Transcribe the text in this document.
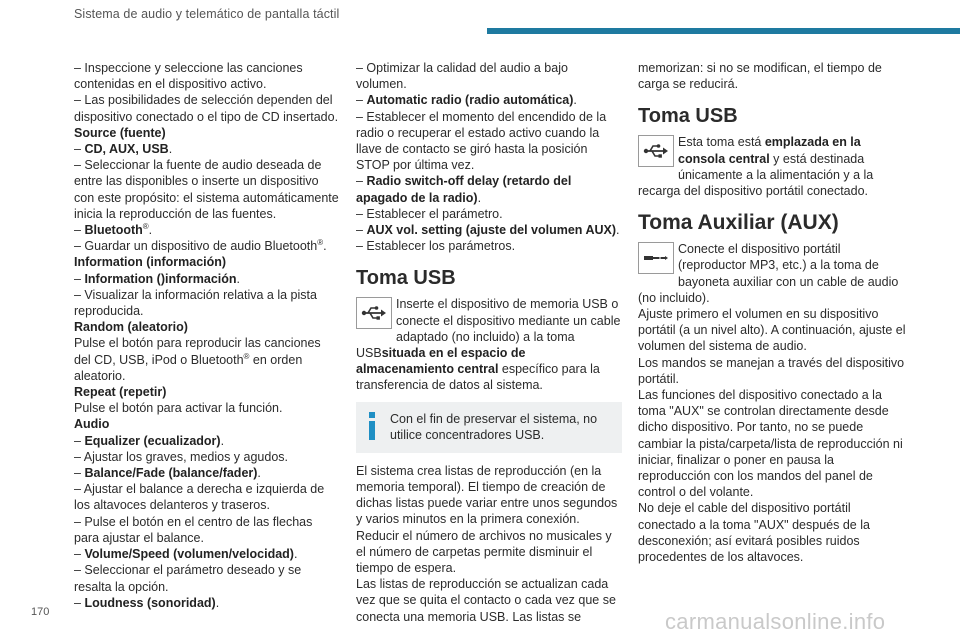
Sistema de audio y telemático de pantalla táctil

– Inspeccione y seleccione las canciones contenidas en el dispositivo activo.

– Las posibilidades de selección dependen del dispositivo conectado o el tipo de CD insertado.

Source (fuente)

– CD, AUX, USB.

– Seleccionar la fuente de audio deseada de entre las disponibles o inserte un dispositivo con este propósito: el sistema automáticamente inicia la reproducción de las fuentes.

– Bluetooth®.

– Guardar un dispositivo de audio Bluetooth®.

Information (información)

– Information ()información.

– Visualizar la información relativa a la pista reproducida.

Random (aleatorio)

Pulse el botón para reproducir las canciones del CD, USB, iPod o Bluetooth® en orden aleatorio.

Repeat (repetir)

Pulse el botón para activar la función.

Audio

– Equalizer (ecualizador).

– Ajustar los graves, medios y agudos.

– Balance/Fade (balance/fader).

– Ajustar el balance a derecha e izquierda de los altavoces delanteros y traseros.

– Pulse el botón en el centro de las flechas para ajustar el balance.

– Volume/Speed (volumen/velocidad).

– Seleccionar el parámetro deseado y se resalta la opción.

– Loudness (sonoridad).

– Optimizar la calidad del audio a bajo volumen.

– Automatic radio (radio automática).

– Establecer el momento del encendido de la radio o recuperar el estado activo cuando la llave de contacto se giró hasta la posición STOP por última vez.

– Radio switch-off delay (retardo del apagado de la radio).

– Establecer el parámetro.

– AUX vol. setting (ajuste del volumen AUX).

– Establecer los parámetros.

Toma USB
Inserte el dispositivo de memoria USB o conecte el dispositivo mediante un cable adaptado (no incluido) a la toma USBsituada en el espacio de almacenamiento central específico para la transferencia de datos al sistema.
Con el fin de preservar el sistema, no utilice concentradores USB.

El sistema crea listas de reproducción (en la memoria temporal). El tiempo de creación de dichas listas puede variar entre unos segundos y varios minutos en la primera conexión.

Reducir el número de archivos no musicales y el número de carpetas permite disminuir el tiempo de espera.

Las listas de reproducción se actualizan cada vez que se quita el contacto o cada vez que se conecta una memoria USB. Las listas se

memorizan: si no se modifican, el tiempo de carga se reducirá.

Toma USB
Esta toma está emplazada en la consola central y está destinada únicamente a la alimentación y a la recarga del dispositivo portátil conectado.
Toma Auxiliar (AUX)
Conecte el dispositivo portátil (reproductor MP3, etc.) a la toma de bayoneta auxiliar con un cable de audio (no incluido).

Ajuste primero el volumen en su dispositivo portátil (a un nivel alto). A continuación, ajuste el volumen del sistema de audio.

Los mandos se manejan a través del dispositivo portátil.

Las funciones del dispositivo conectado a la toma "AUX" se controlan directamente desde dicho dispositivo. Por tanto, no se puede cambiar la pista/carpeta/lista de reproducción ni iniciar, finalizar o poner en pausa la reproducción con los mandos del panel de control o del volante.

No deje el cable del dispositivo portátil conectado a la toma "AUX" después de la desconexión; así evitará posibles ruidos procedentes de los altavoces.

170	carmanualsonline.info
